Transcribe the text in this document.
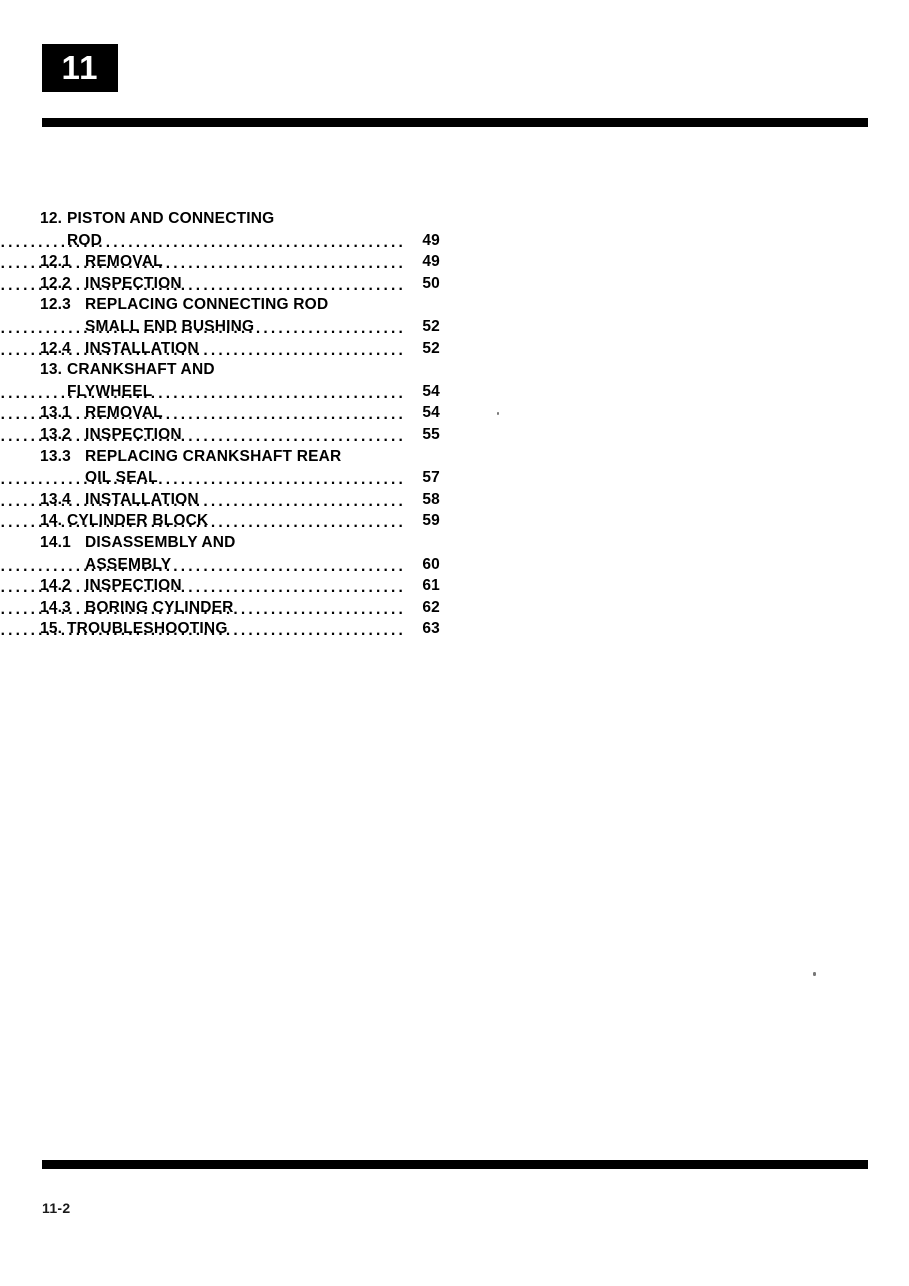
11
12. PISTON AND CONNECTING
ROD .....	49
12.1 REMOVAL .....	49
12.2 INSPECTION .....	50
12.3 REPLACING CONNECTING ROD
SMALL END BUSHING .....	52
12.4 INSTALLATION .....	52
13. CRANKSHAFT AND
FLYWHEEL .....	54
13.1 REMOVAL .....	54
13.2 INSPECTION .....	55
13.3 REPLACING CRANKSHAFT REAR
OIL SEAL .....	57
13.4 INSTALLATION .....	58
14. CYLINDER BLOCK .....	59
14.1 DISASSEMBLY AND
ASSEMBLY .....	60
14.2 INSPECTION .....	61
14.3 BORING CYLINDER .....	62
15. TROUBLESHOOTING .....	63
11-2
